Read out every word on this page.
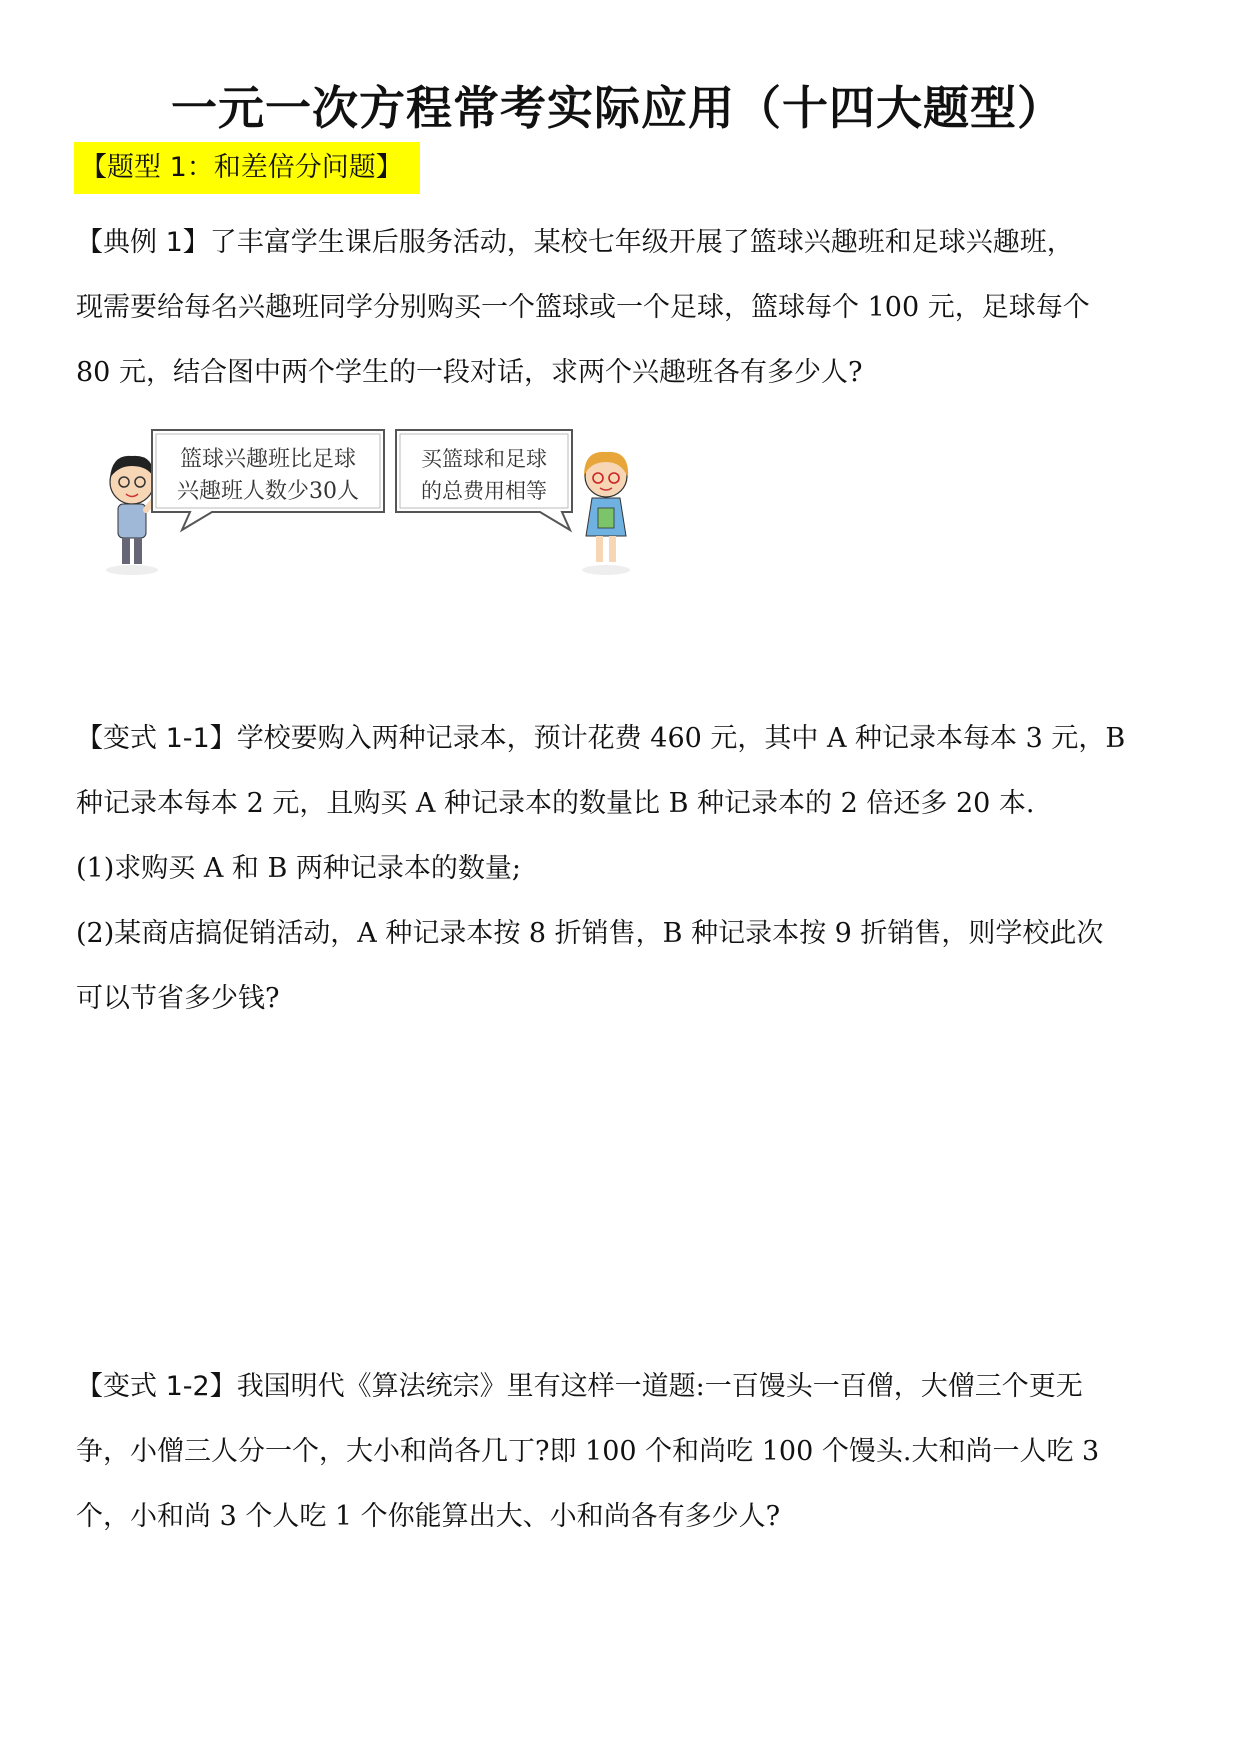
一元一次方程常考实际应用（十四大题型）
【题型 1：和差倍分问题】
【典例 1】了丰富学生课后服务活动，某校七年级开展了篮球兴趣班和足球兴趣班，
现需要给每名兴趣班同学分别购买一个篮球或一个足球，篮球每个 100 元，足球每个
80 元，结合图中两个学生的一段对话，求两个兴趣班各有多少人?
篮球兴趣班比足球
兴趣班人数少30人
买篮球和足球
的总费用相等
【变式 1-1】学校要购入两种记录本，预计花费 460 元，其中 A 种记录本每本 3 元，B
种记录本每本 2 元，且购买 A 种记录本的数量比 B 种记录本的 2 倍还多 20 本.
(1)求购买 A 和 B 两种记录本的数量;
(2)某商店搞促销活动，A 种记录本按 8 折销售，B 种记录本按 9 折销售，则学校此次
可以节省多少钱?
【变式 1-2】我国明代《算法统宗》里有这样一道题:一百馒头一百僧，大僧三个更无
争，小僧三人分一个，大小和尚各几丁?即 100 个和尚吃 100 个馒头.大和尚一人吃 3
个，小和尚 3 个人吃 1 个你能算出大、小和尚各有多少人?
